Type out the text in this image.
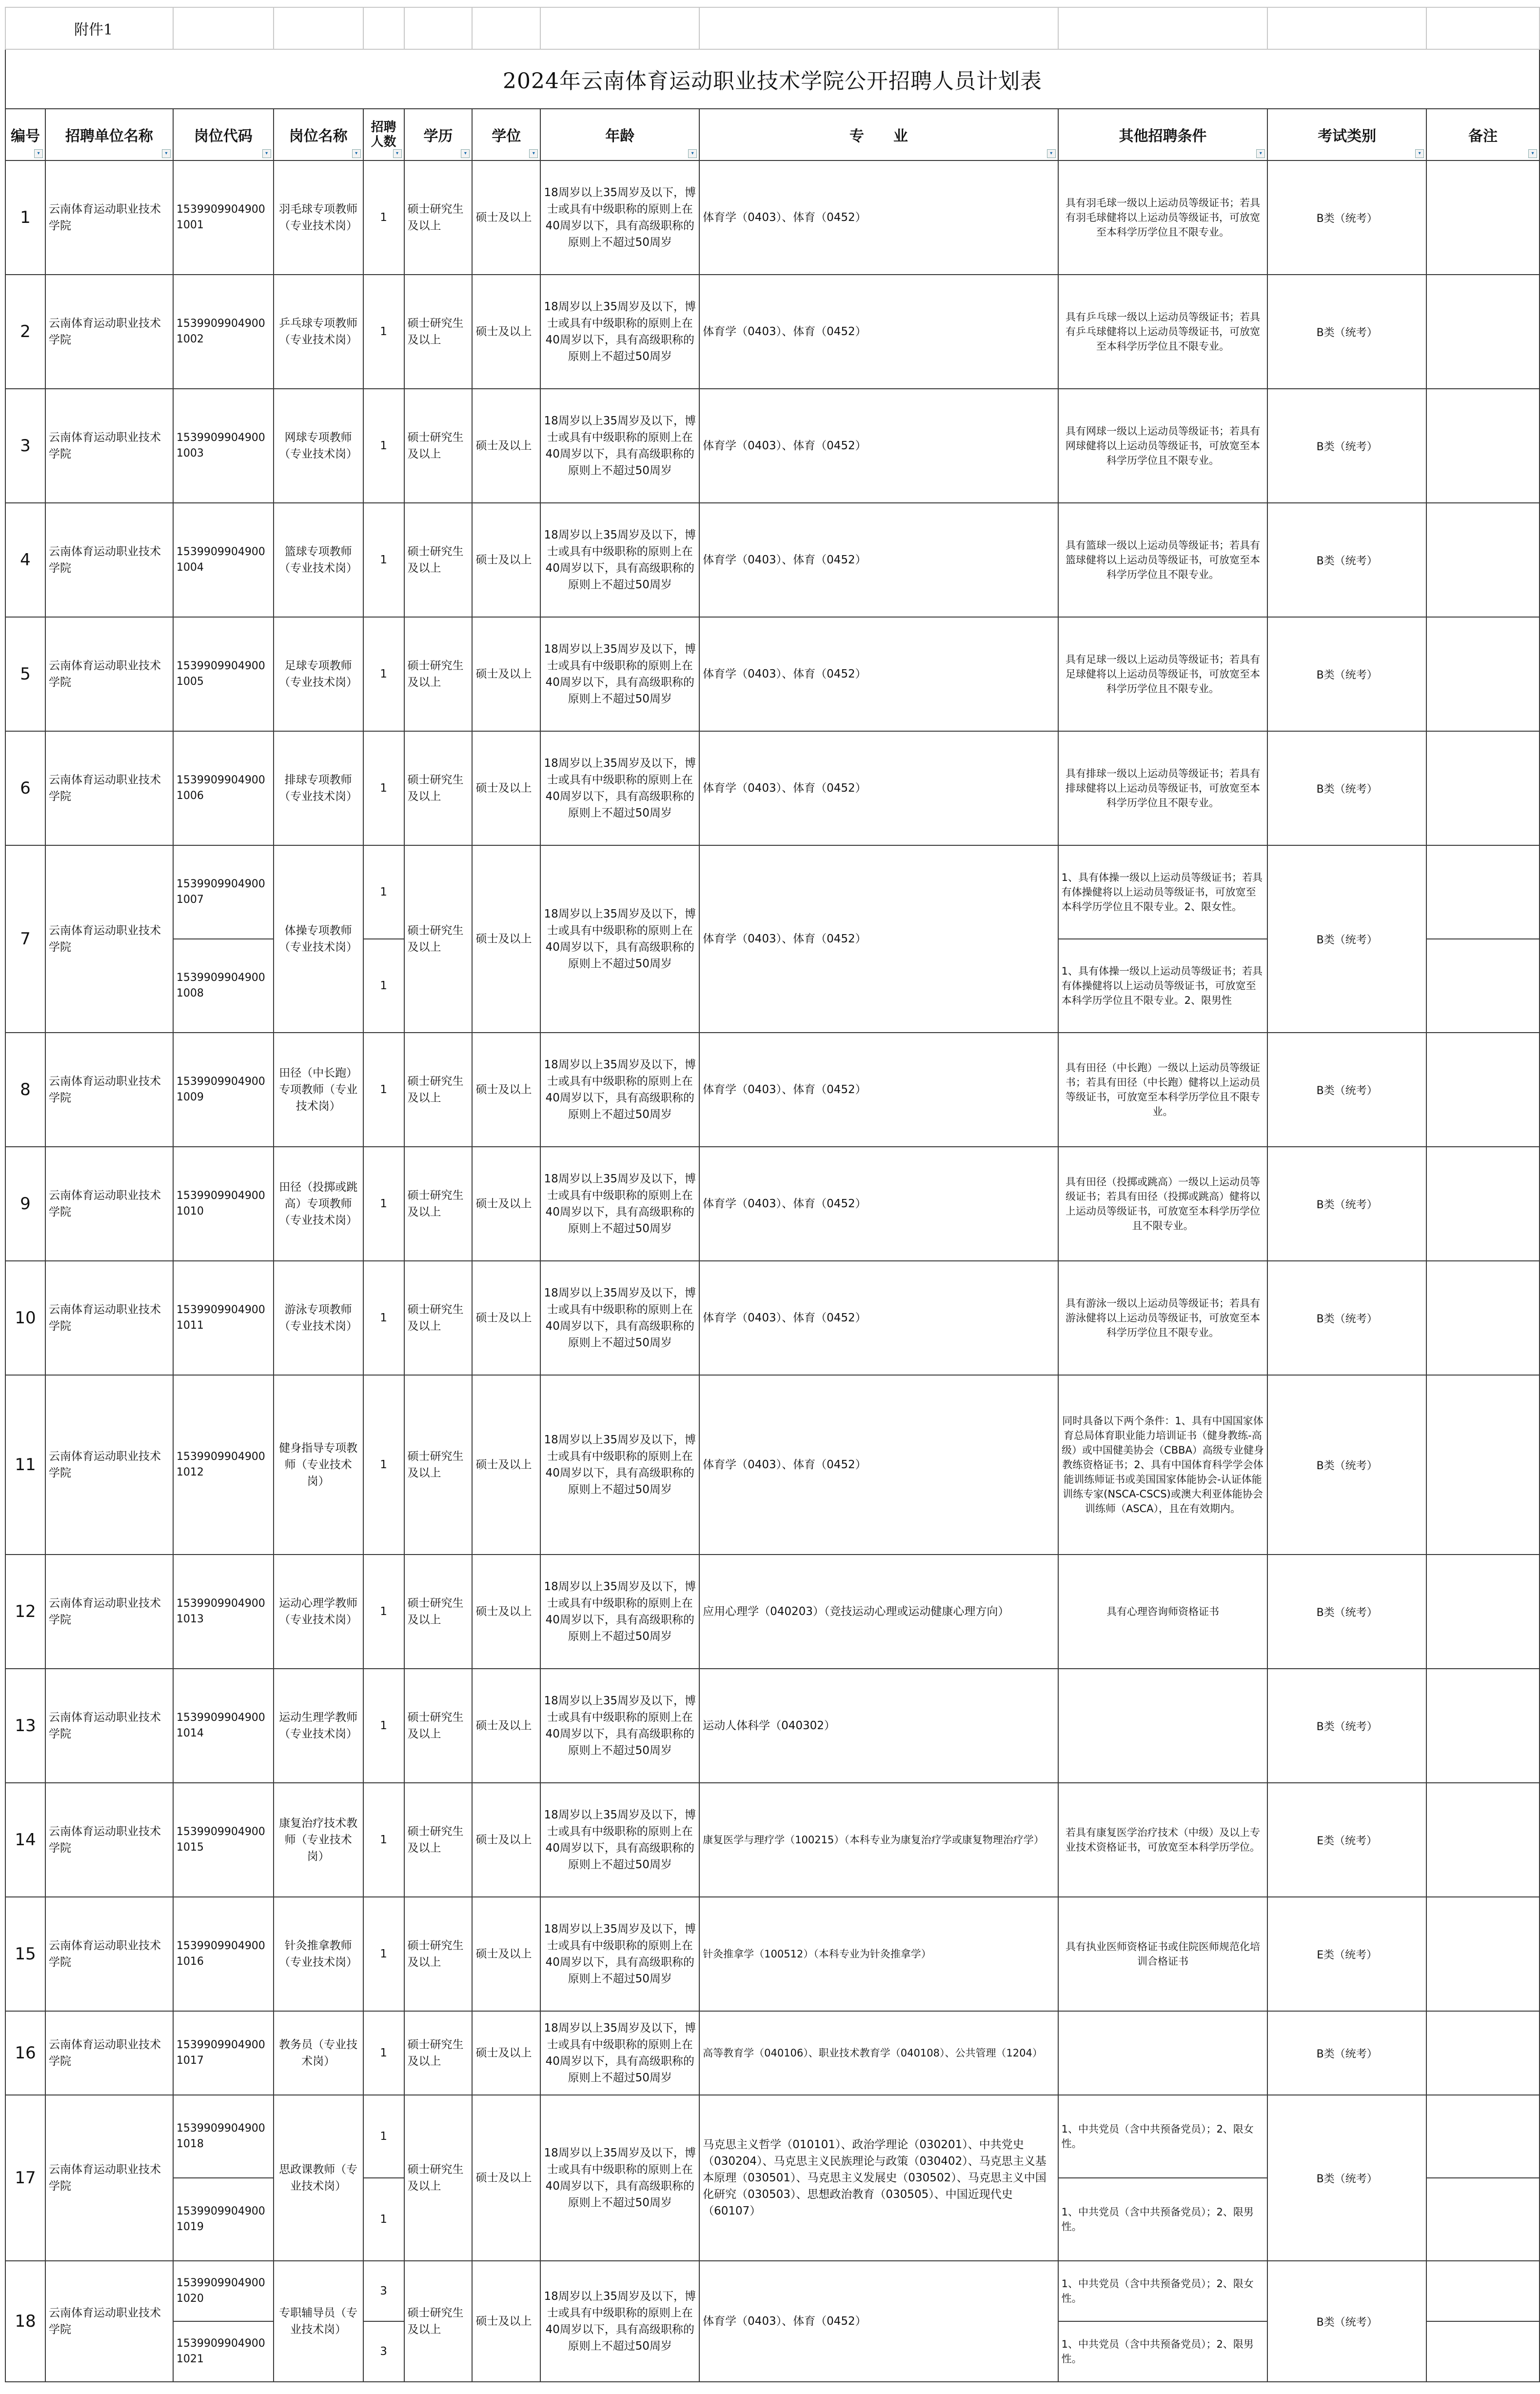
附件1											
2024年云南体育运动职业技术学院公开招聘人员计划表											
编号
▾	招聘单位名称
▾	岗位代码
▾	岗位名称
▾	招聘人数
▾	学历
▾	学位
▾	年龄
▾	专　　业
▾	其他招聘条件
▾	考试类别
▾	备注
▾

1	云南体育运动职业技术学院	15399099049001001	羽毛球专项教师（专业技术岗）	1	硕士研究生及以上	硕士及以上	18周岁以上35周岁及以下，博士或具有中级职称的原则上在40周岁以下，具有高级职称的原则上不超过50周岁	体育学（0403）、体育（0452）	具有羽毛球一级以上运动员等级证书；若具有羽毛球健将以上运动员等级证书，可放宽至本科学历学位且不限专业。	B类（统考）	
2	云南体育运动职业技术学院	15399099049001002	乒乓球专项教师（专业技术岗）	1	硕士研究生及以上	硕士及以上	18周岁以上35周岁及以下，博士或具有中级职称的原则上在40周岁以下，具有高级职称的原则上不超过50周岁	体育学（0403）、体育（0452）	具有乒乓球一级以上运动员等级证书；若具有乒乓球健将以上运动员等级证书，可放宽至本科学历学位且不限专业。	B类（统考）	
3	云南体育运动职业技术学院	15399099049001003	网球专项教师（专业技术岗）	1	硕士研究生及以上	硕士及以上	18周岁以上35周岁及以下，博士或具有中级职称的原则上在40周岁以下，具有高级职称的原则上不超过50周岁	体育学（0403）、体育（0452）	具有网球一级以上运动员等级证书；若具有网球健将以上运动员等级证书，可放宽至本科学历学位且不限专业。	B类（统考）	
4	云南体育运动职业技术学院	15399099049001004	篮球专项教师（专业技术岗）	1	硕士研究生及以上	硕士及以上	18周岁以上35周岁及以下，博士或具有中级职称的原则上在40周岁以下，具有高级职称的原则上不超过50周岁	体育学（0403）、体育（0452）	具有篮球一级以上运动员等级证书；若具有篮球健将以上运动员等级证书，可放宽至本科学历学位且不限专业。	B类（统考）	
5	云南体育运动职业技术学院	15399099049001005	足球专项教师（专业技术岗）	1	硕士研究生及以上	硕士及以上	18周岁以上35周岁及以下，博士或具有中级职称的原则上在40周岁以下，具有高级职称的原则上不超过50周岁	体育学（0403）、体育（0452）	具有足球一级以上运动员等级证书；若具有足球健将以上运动员等级证书，可放宽至本科学历学位且不限专业。	B类（统考）	
6	云南体育运动职业技术学院	15399099049001006	排球专项教师（专业技术岗）	1	硕士研究生及以上	硕士及以上	18周岁以上35周岁及以下，博士或具有中级职称的原则上在40周岁以下，具有高级职称的原则上不超过50周岁	体育学（0403）、体育（0452）	具有排球一级以上运动员等级证书；若具有排球健将以上运动员等级证书，可放宽至本科学历学位且不限专业。	B类（统考）	
7	云南体育运动职业技术学院	15399099049001007	体操专项教师（专业技术岗）	1	硕士研究生及以上	硕士及以上	18周岁以上35周岁及以下，博士或具有中级职称的原则上在40周岁以下，具有高级职称的原则上不超过50周岁	体育学（0403）、体育（0452）	1、具有体操一级以上运动员等级证书；若具有体操健将以上运动员等级证书，可放宽至本科学历学位且不限专业。2、限女性。	B类（统考）	
		15399099049001008		1					1、具有体操一级以上运动员等级证书；若具有体操健将以上运动员等级证书，可放宽至本科学历学位且不限专业。2、限男性		
8	云南体育运动职业技术学院	15399099049001009	田径（中长跑）专项教师（专业技术岗）	1	硕士研究生及以上	硕士及以上	18周岁以上35周岁及以下，博士或具有中级职称的原则上在40周岁以下，具有高级职称的原则上不超过50周岁	体育学（0403）、体育（0452）	具有田径（中长跑）一级以上运动员等级证书；若具有田径（中长跑）健将以上运动员等级证书，可放宽至本科学历学位且不限专业。	B类（统考）	
9	云南体育运动职业技术学院	15399099049001010	田径（投掷或跳高）专项教师（专业技术岗）	1	硕士研究生及以上	硕士及以上	18周岁以上35周岁及以下，博士或具有中级职称的原则上在40周岁以下，具有高级职称的原则上不超过50周岁	体育学（0403）、体育（0452）	具有田径（投掷或跳高）一级以上运动员等级证书；若具有田径（投掷或跳高）健将以上运动员等级证书，可放宽至本科学历学位且不限专业。	B类（统考）	
10	云南体育运动职业技术学院	15399099049001011	游泳专项教师（专业技术岗）	1	硕士研究生及以上	硕士及以上	18周岁以上35周岁及以下，博士或具有中级职称的原则上在40周岁以下，具有高级职称的原则上不超过50周岁	体育学（0403）、体育（0452）	具有游泳一级以上运动员等级证书；若具有游泳健将以上运动员等级证书，可放宽至本科学历学位且不限专业。	B类（统考）	
11	云南体育运动职业技术学院	15399099049001012	健身指导专项教师（专业技术岗）	1	硕士研究生及以上	硕士及以上	18周岁以上35周岁及以下，博士或具有中级职称的原则上在40周岁以下，具有高级职称的原则上不超过50周岁	体育学（0403）、体育（0452）	同时具备以下两个条件：1、具有中国国家体育总局体育职业能力培训证书（健身教练-高级）或中国健美协会（CBBA）高级专业健身教练资格证书；2、具有中国体育科学学会体能训练师证书或美国国家体能协会-认证体能训练专家(NSCA-CSCS)或澳大利亚体能协会训练师（ASCA），且在有效期内。	B类（统考）	
12	云南体育运动职业技术学院	15399099049001013	运动心理学教师（专业技术岗）	1	硕士研究生及以上	硕士及以上	18周岁以上35周岁及以下，博士或具有中级职称的原则上在40周岁以下，具有高级职称的原则上不超过50周岁	应用心理学（040203）（竞技运动心理或运动健康心理方向）	具有心理咨询师资格证书	B类（统考）	
13	云南体育运动职业技术学院	15399099049001014	运动生理学教师（专业技术岗）	1	硕士研究生及以上	硕士及以上	18周岁以上35周岁及以下，博士或具有中级职称的原则上在40周岁以下，具有高级职称的原则上不超过50周岁	运动人体科学（040302）		B类（统考）	
14	云南体育运动职业技术学院	15399099049001015	康复治疗技术教师（专业技术岗）	1	硕士研究生及以上	硕士及以上	18周岁以上35周岁及以下，博士或具有中级职称的原则上在40周岁以下，具有高级职称的原则上不超过50周岁	康复医学与理疗学（100215）（本科专业为康复治疗学或康复物理治疗学）	若具有康复医学治疗技术（中级）及以上专业技术资格证书，可放宽至本科学历学位。	E类（统考）	
15	云南体育运动职业技术学院	15399099049001016	针灸推拿教师（专业技术岗）	1	硕士研究生及以上	硕士及以上	18周岁以上35周岁及以下，博士或具有中级职称的原则上在40周岁以下，具有高级职称的原则上不超过50周岁	针灸推拿学（100512）（本科专业为针灸推拿学）	具有执业医师资格证书或住院医师规范化培训合格证书	E类（统考）	
16	云南体育运动职业技术学院	15399099049001017	教务员（专业技术岗）	1	硕士研究生及以上	硕士及以上	18周岁以上35周岁及以下，博士或具有中级职称的原则上在40周岁以下，具有高级职称的原则上不超过50周岁	高等教育学（040106）、职业技术教育学（040108）、公共管理（1204）		B类（统考）	
17	云南体育运动职业技术学院	15399099049001018	思政课教师（专业技术岗）	1	硕士研究生及以上	硕士及以上	18周岁以上35周岁及以下，博士或具有中级职称的原则上在40周岁以下，具有高级职称的原则上不超过50周岁	马克思主义哲学（010101）、政治学理论（030201）、中共党史（030204）、马克思主义民族理论与政策（030402）、马克思主义基本原理（030501）、马克思主义发展史（030502）、马克思主义中国化研究（030503）、思想政治教育（030505）、中国近现代史（60107）	1、中共党员（含中共预备党员）；2、限女性。	B类（统考）	
		15399099049001019		1					1、中共党员（含中共预备党员）；2、限男性。		
18	云南体育运动职业技术学院	15399099049001020	专职辅导员（专业技术岗）	3	硕士研究生及以上	硕士及以上	18周岁以上35周岁及以下，博士或具有中级职称的原则上在40周岁以下，具有高级职称的原则上不超过50周岁	体育学（0403）、体育（0452）	1、中共党员（含中共预备党员）；2、限女性。	B类（统考）	
		15399099049001021		3					1、中共党员（含中共预备党员）；2、限男性。		
